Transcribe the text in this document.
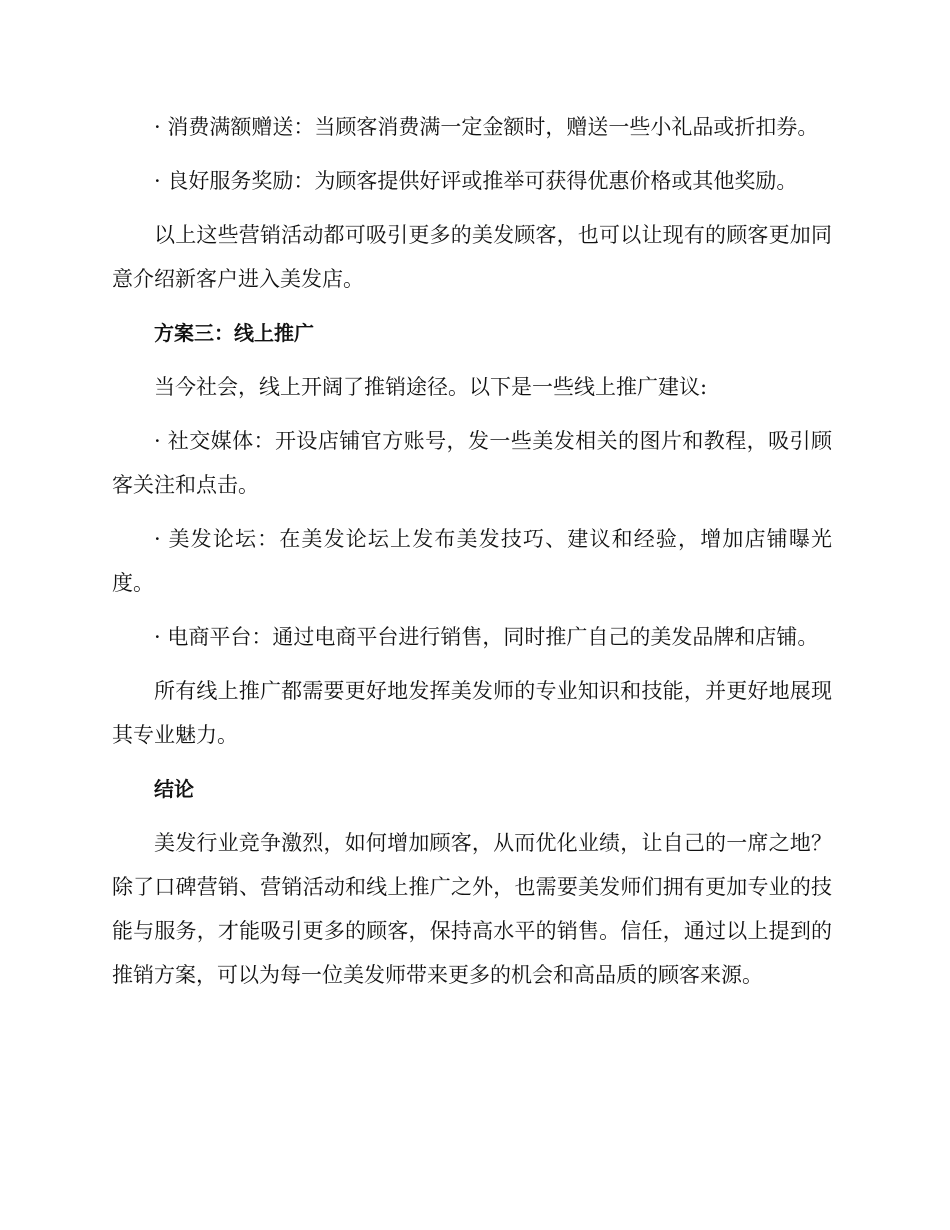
· 消费满额赠送：当顾客消费满一定金额时，赠送一些小礼品或折扣券。

· 良好服务奖励：为顾客提供好评或推举可获得优惠价格或其他奖励。

以上这些营销活动都可吸引更多的美发顾客，也可以让现有的顾客更加同意介绍新客户进入美发店。

方案三：线上推广

当今社会，线上开阔了推销途径。以下是一些线上推广建议:

· 社交媒体：开设店铺官方账号，发一些美发相关的图片和教程，吸引顾客关注和点击。

· 美发论坛：在美发论坛上发布美发技巧、建议和经验，增加店铺曝光度。

· 电商平台：通过电商平台进行销售，同时推广自己的美发品牌和店铺。

所有线上推广都需要更好地发挥美发师的专业知识和技能，并更好地展现其专业魅力。

结论

美发行业竞争激烈，如何增加顾客，从而优化业绩，让自己的一席之地？除了口碑营销、营销活动和线上推广之外，也需要美发师们拥有更加专业的技能与服务，才能吸引更多的顾客，保持高水平的销售。信任，通过以上提到的推销方案，可以为每一位美发师带来更多的机会和高品质的顾客来源。
